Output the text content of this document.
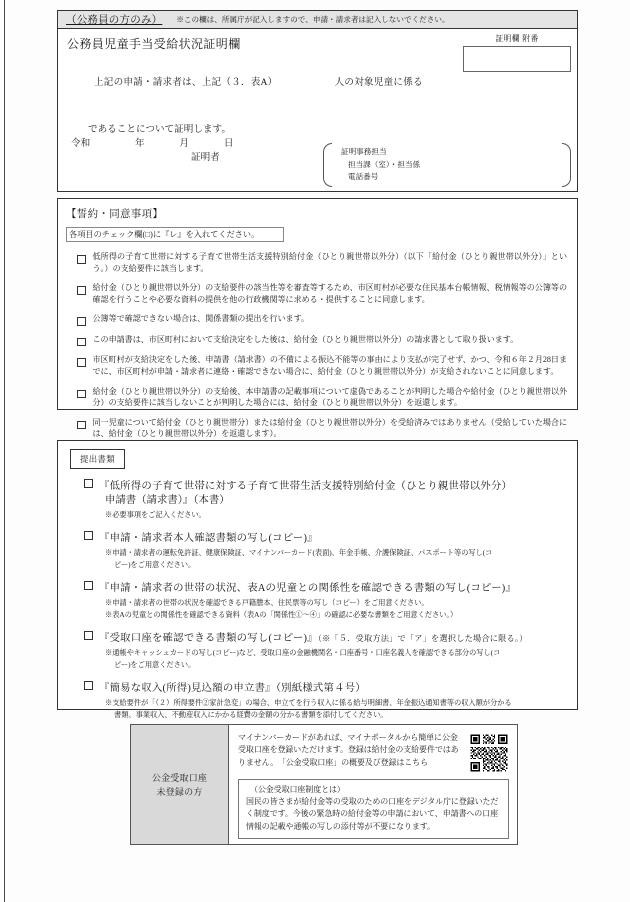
（公務員の方のみ） ※この欄は、所属庁が記入しますので、申請・請求者は記入しないでください。
公務員児童手当受給状況証明欄	証明欄 附番
上記の申請・請求者は、上記（３．表A）	人の対象児童に係る
であることについて証明します。
令和	年	月	日
証明者
証明事務担当
担当課（室）・担当係
電話番号
【誓約・同意事項】
各項目のチェック欄(□)に『レ』を入れてください。
低所得の子育て世帯に対する子育て世帯生活支援特別給付金（ひとり親世帯以外分）（以下「給付金（ひとり親世帯以外分）」という。）の支給要件に該当します。
給付金（ひとり親世帯以外分）の支給要件の該当性等を審査等するため、市区町村が必要な住民基本台帳情報、税情報等の公簿等の確認を行うことや必要な資料の提供を他の行政機関等に求める・提供することに同意します。
公簿等で確認できない場合は、関係書類の提出を行います。
この申請書は、市区町村において支給決定をした後は、給付金（ひとり親世帯以外分）の請求書として取り扱います。
市区町村が支給決定をした後、申請書（請求書）の不備による振込不能等の事由により支払が完了せず、かつ、令和６年２月28日までに、市区町村が申請・請求者に連絡・確認できない場合に、給付金（ひとり親世帯以外分）が支給されないことに同意します。
給付金（ひとり親世帯以外分）の支給後、本申請書の記載事項について虚偽であることが判明した場合や給付金（ひとり親世帯以外分）の支給要件に該当しないことが判明した場合には、給付金（ひとり親世帯以外分）を返還します。
同一児童について給付金（ひとり親世帯分）または給付金（ひとり親世帯以外分）を受給済みではありません（受給していた場合には、給付金（ひとり親世帯以外分）を返還します）。
提出書類
『低所得の子育て世帯に対する子育て世帯生活支援特別給付金（ひとり親世帯以外分）
申請書（請求書）』（本書）
※必要事項をご記入ください。
『申請・請求者本人確認書類の写し(コピー)』
※申請・請求者の運転免許証、健康保険証、マイナンバーカード(表面)、年金手帳、介護保険証、パスポート等の写し(コ
ピー)をご用意ください。
『申請・請求者の世帯の状況、表Aの児童との関係性を確認できる書類の写し(コピー)』
※申請・請求者の世帯の状況を確認できる戸籍謄本、住民票等の写し（コピー）をご用意ください。
※表Aの児童との関係性を確認できる資料（表Aの「関係性①～④」の確認に必要な書類をご用意ください。）
『受取口座を確認できる書類の写し(コピー)』（※「５．受取方法」で「ア」を選択した場合に限る。）
※通帳やキャッシュカードの写し(コピー)など、受取口座の金融機関名・口座番号・口座名義人を確認できる部分の写し(コ
ピー)をご用意ください。
『簡易な収入(所得)見込額の申立書』（別紙様式第４号）
※支給要件が「（２）所得要件②家計急変」の場合、申立てを行う収入に係る給与明細書、年金振込通知書等の収入額が分かる
書類、事業収入、不動産収入にかかる経費の金額の分かる書類を添付してください。
公金受取口座
未登録の方
マイナンバーカードがあれば、マイナポータルから簡単に公金受取口座を登録いただけます。登録は給付金の支給要件ではありません。　「公金受取口座」の概要及び登録はこちら
（公金受取口座制度とは）
国民の皆さまが給付金等の受取のための口座をデジタル庁に登録いただく制度です。今後の緊急時の給付金等の申請において、申請書への口座情報の記載や通帳の写しの添付等が不要になります。
